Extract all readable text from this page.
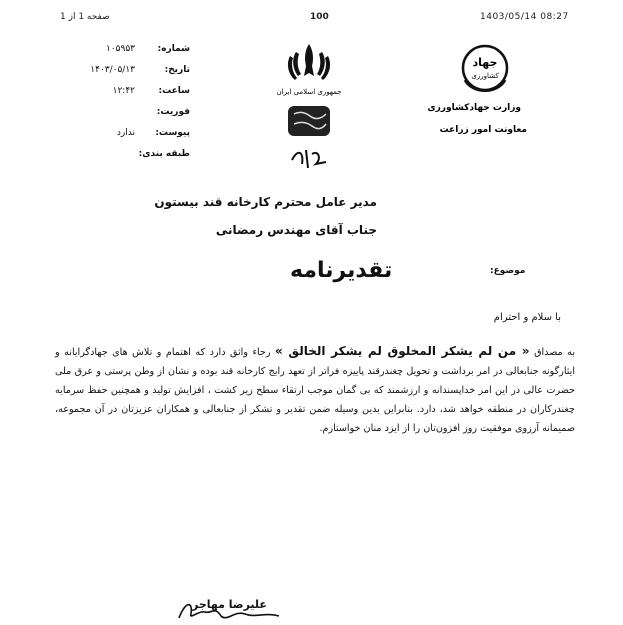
صفحه 1 از 1	100	1403/05/14 08:27
شماره:
۱۰۵۹۵۳
تاریخ:
۱۴۰۳/۰۵/۱۳
ساعت:
۱۲:۴۲
فوریت:
پیوست:
ندارد
طبقه بندی:
جمهوری اسلامی ایران
جهاد
کشاورزی
وزارت جهادکشاورزی
معاونت امور زراعت
مدیر عامل محترم کارخانه قند بیستون
جناب آقای مهندس رمضانی
موضوع:
تقدیرنامه
با سلام و احترام
به مصداق « من لم یشکر المخلوق لم یشکر الخالق » رجاء واثق دارد که اهتمام و تلاش های جهادگرایانه و ایثارگونه جنابعالی در امر برداشت و تحویل چغندرقند پاییزه فراتر از تعهد رایج کارخانه قند بوده و نشان از وطن پرستی و عرق ملی حضرت عالی در این امر خداپسندانه و ارزشمند که بی گمان موجب ارتقاء سطح زیر کشت ، افزایش تولید و همچنین حفظ سرمایه چغندرکاران در منطقه خواهد شد، دارد. بنابراین بدین وسیله ضمن تقدیر و تشکر از جنابعالی و همکاران عزیزتان در آن مجموعه، صمیمانه آرزوی موفقیت روز افزون‌تان را از ایزد منان خواستارم.
علیرضا مهاجر
